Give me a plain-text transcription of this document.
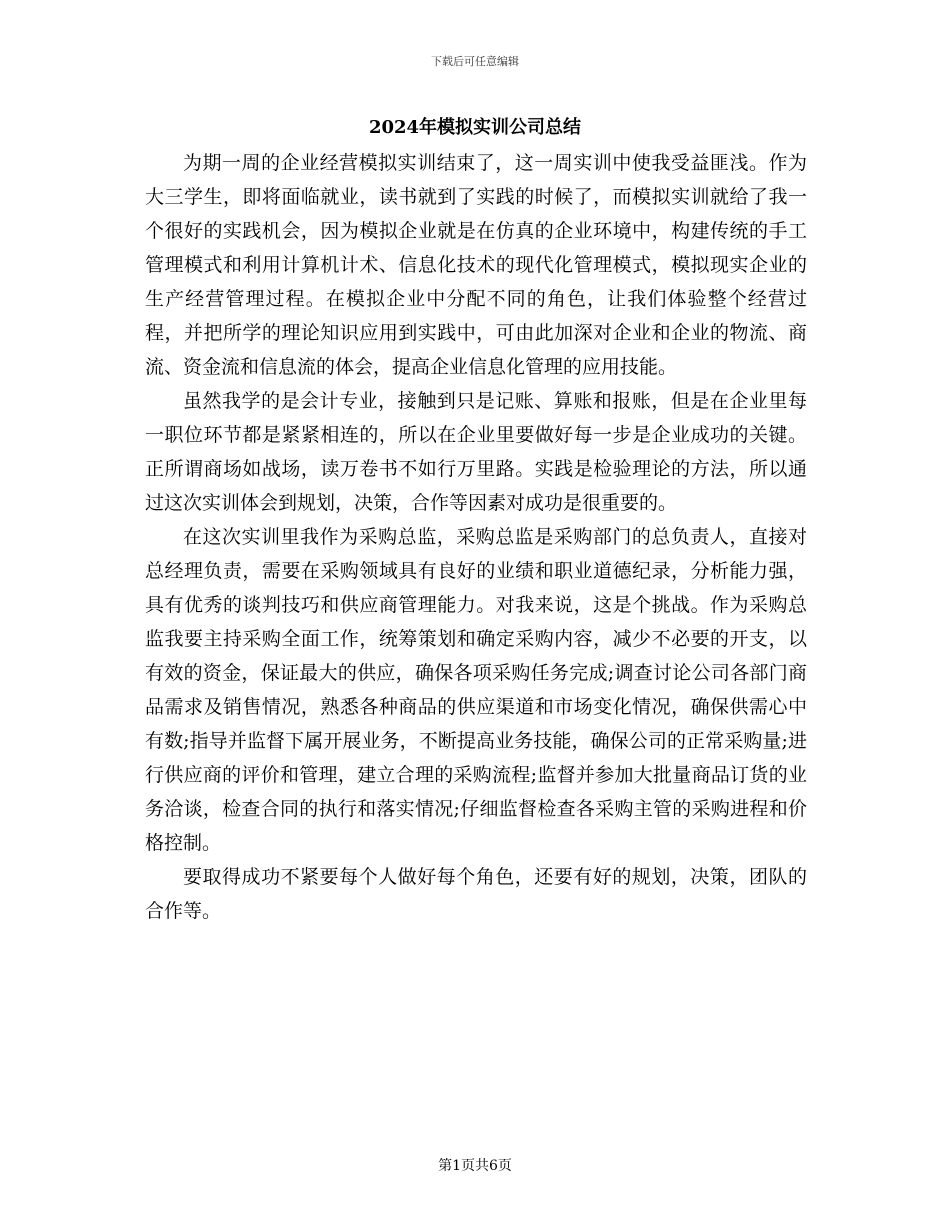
下载后可任意编辑
2024年模拟实训公司总结

为期一周的企业经营模拟实训结束了，这一周实训中使我受益匪浅。作为大三学生，即将面临就业，读书就到了实践的时候了，而模拟实训就给了我一个很好的实践机会，因为模拟企业就是在仿真的企业环境中，构建传统的手工管理模式和利用计算机计术、信息化技术的现代化管理模式，模拟现实企业的生产经营管理过程。在模拟企业中分配不同的角色，让我们体验整个经营过程，并把所学的理论知识应用到实践中，可由此加深对企业和企业的物流、商流、资金流和信息流的体会，提高企业信息化管理的应用技能。

虽然我学的是会计专业，接触到只是记账、算账和报账，但是在企业里每一职位环节都是紧紧相连的，所以在企业里要做好每一步是企业成功的关键。正所谓商场如战场，读万卷书不如行万里路。实践是检验理论的方法，所以通过这次实训体会到规划，决策，合作等因素对成功是很重要的。

在这次实训里我作为采购总监，采购总监是采购部门的总负责人，直接对总经理负责，需要在采购领域具有良好的业绩和职业道德纪录，分析能力强，具有优秀的谈判技巧和供应商管理能力。对我来说，这是个挑战。作为采购总监我要主持采购全面工作，统筹策划和确定采购内容，减少不必要的开支，以有效的资金，保证最大的供应，确保各项采购任务完成;调查讨论公司各部门商品需求及销售情况，熟悉各种商品的供应渠道和市场变化情况，确保供需心中有数;指导并监督下属开展业务，不断提高业务技能，确保公司的正常采购量;进行供应商的评价和管理，建立合理的采购流程;监督并参加大批量商品订货的业务洽谈，检查合同的执行和落实情况;仔细监督检查各采购主管的采购进程和价格控制。

要取得成功不紧要每个人做好每个角色，还要有好的规划，决策，团队的合作等。

第1页共6页
